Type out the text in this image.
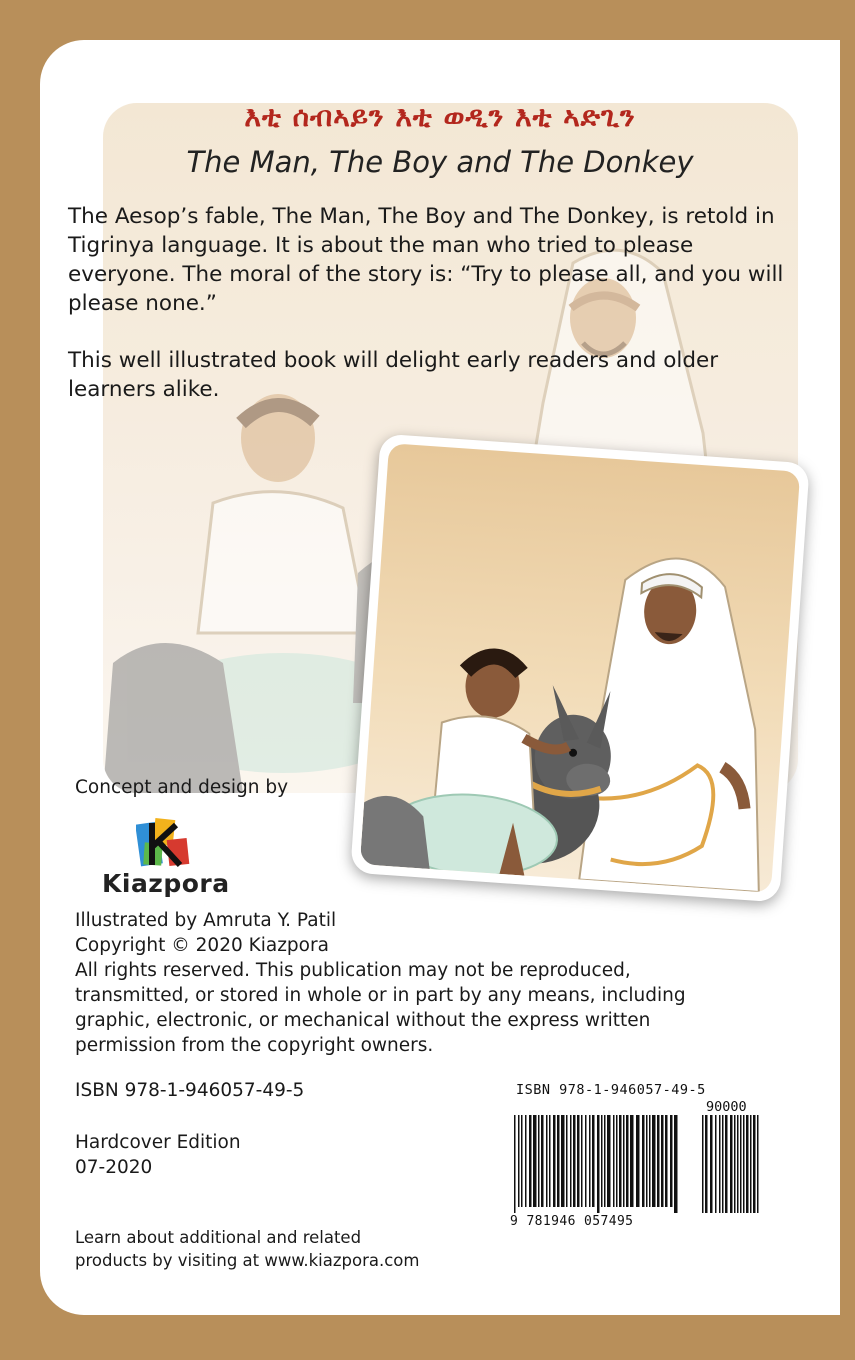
እቲ ሰብኣይን እቲ ወዲን እቲ ኣድጊን
The Man, The Boy and The Donkey

The Aesop’s fable, The Man, The Boy and The Donkey, is retold in Tigrinya language. It is about the man who tried to please everyone. The moral of the story is: “Try to please all, and you will please none.”

This well illustrated book will delight early readers and older learners alike.

Concept and design by
Kiazpora
Illustrated by Amruta Y. Patil
Copyright © 2020 Kiazpora
All rights reserved. This publication may not be reproduced,
transmitted, or stored in whole or in part by any means, including
graphic, electronic, or mechanical without the express written
permission from the copyright owners.
ISBN 978-1-946057-49-5
Hardcover Edition
07-2020
Learn about additional and related
products by visiting at www.kiazpora.com
ISBN 978-1-946057-49-5
90000
9 781946 057495
